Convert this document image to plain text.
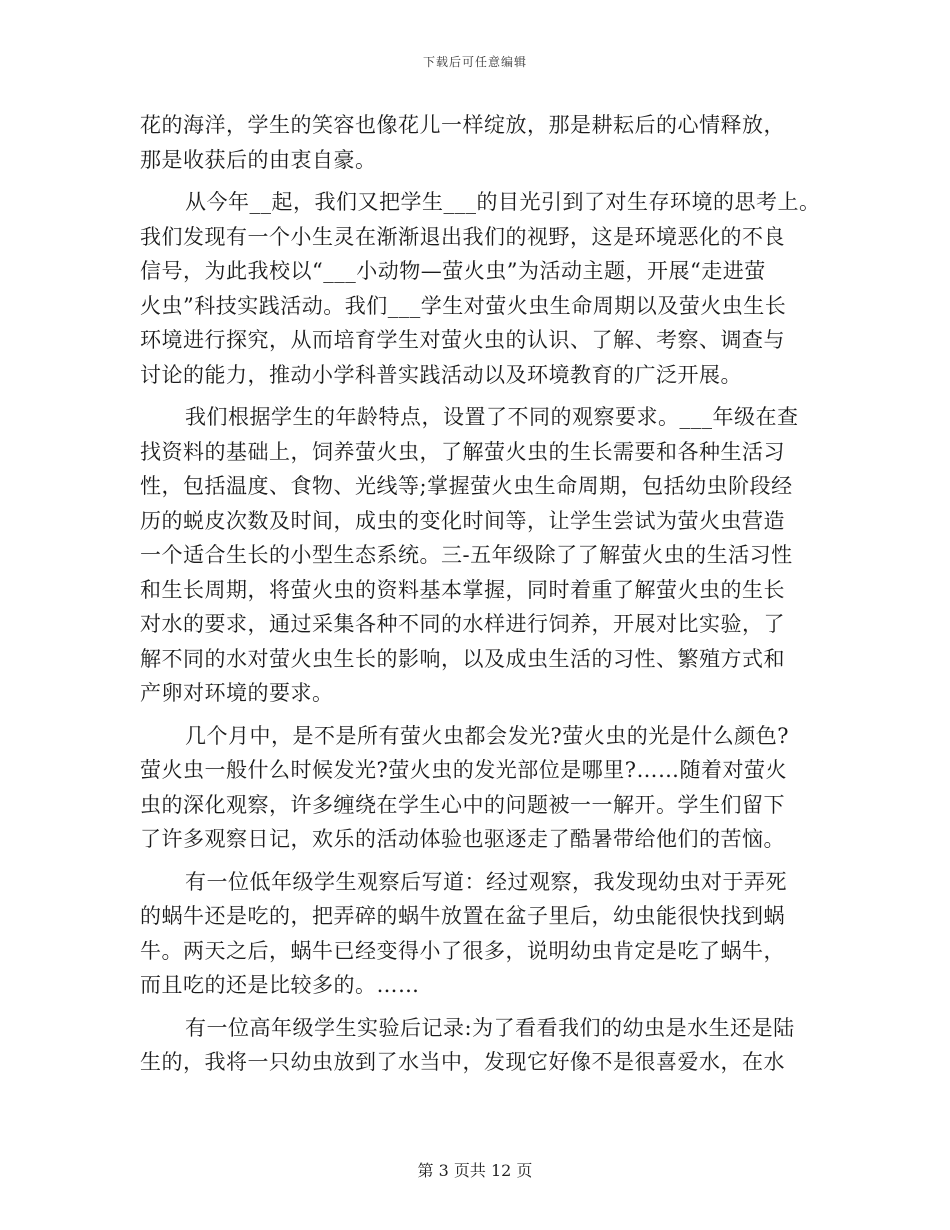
下载后可任意编辑
花的海洋，学生的笑容也像花儿一样绽放，那是耕耘后的心情释放，
那是收获后的由衷自豪。
从今年__起，我们又把学生___的目光引到了对生存环境的思考上。
我们发现有一个小生灵在渐渐退出我们的视野，这是环境恶化的不良
信号，为此我校以“___小动物—萤火虫”为活动主题，开展“走进萤
火虫”科技实践活动。我们___学生对萤火虫生命周期以及萤火虫生长
环境进行探究，从而培育学生对萤火虫的认识、了解、考察、调查与
讨论的能力，推动小学科普实践活动以及环境教育的广泛开展。
我们根据学生的年龄特点，设置了不同的观察要求。___年级在查
找资料的基础上，饲养萤火虫，了解萤火虫的生长需要和各种生活习
性，包括温度、食物、光线等;掌握萤火虫生命周期，包括幼虫阶段经
历的蜕皮次数及时间，成虫的变化时间等，让学生尝试为萤火虫营造
一个适合生长的小型生态系统。三-五年级除了了解萤火虫的生活习性
和生长周期，将萤火虫的资料基本掌握，同时着重了解萤火虫的生长
对水的要求，通过采集各种不同的水样进行饲养，开展对比实验，了
解不同的水对萤火虫生长的影响，以及成虫生活的习性、繁殖方式和
产卵对环境的要求。
几个月中，是不是所有萤火虫都会发光?萤火虫的光是什么颜色?
萤火虫一般什么时候发光?萤火虫的发光部位是哪里?……随着对萤火
虫的深化观察，许多缠绕在学生心中的问题被一一解开。学生们留下
了许多观察日记，欢乐的活动体验也驱逐走了酷暑带给他们的苦恼。
有一位低年级学生观察后写道：经过观察，我发现幼虫对于弄死
的蜗牛还是吃的，把弄碎的蜗牛放置在盆子里后，幼虫能很快找到蜗
牛。两天之后，蜗牛已经变得小了很多，说明幼虫肯定是吃了蜗牛，
而且吃的还是比较多的。……
有一位高年级学生实验后记录:为了看看我们的幼虫是水生还是陆
生的，我将一只幼虫放到了水当中，发现它好像不是很喜爱水，在水
第 3 页共 12 页
